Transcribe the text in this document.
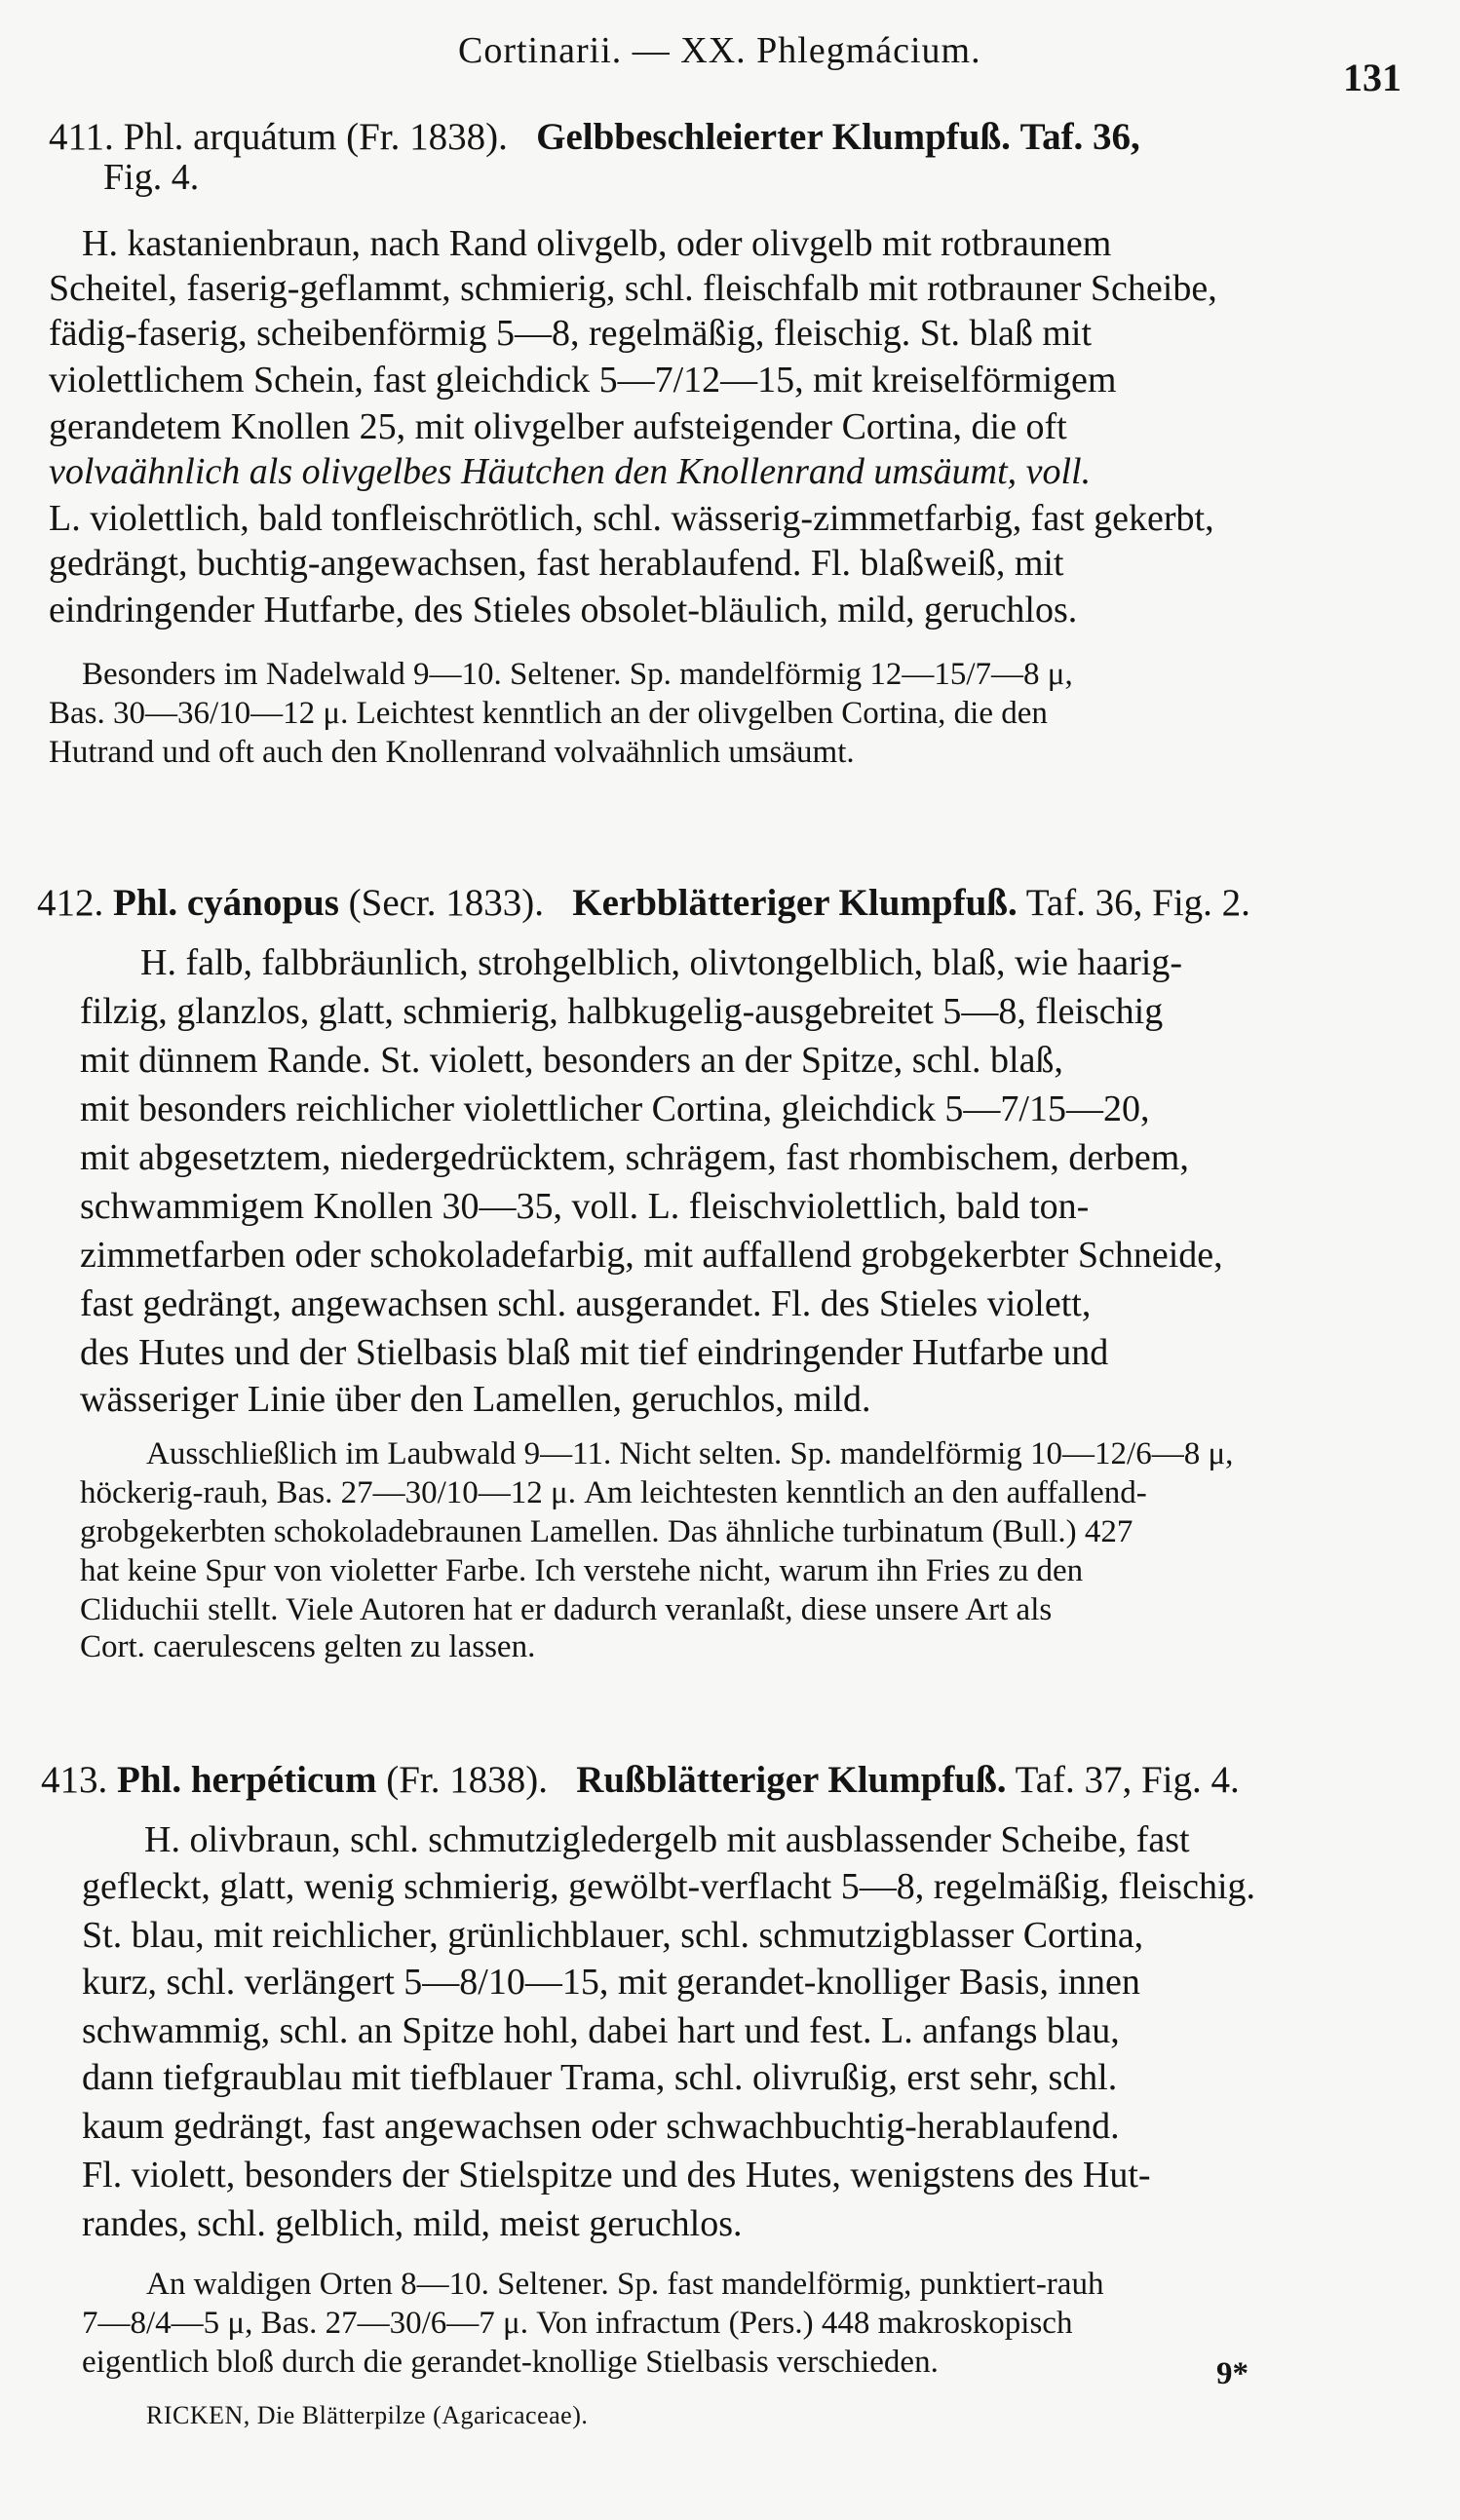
Cortinarii. — XX. Phlegmácium.
131
411. Phl. arquátum (Fr. 1838). Gelbbeschleierter Klumpfuß. Taf. 36,
Fig. 4.
H. kastanienbraun, nach Rand olivgelb, oder olivgelb mit rotbraunem
Scheitel, faserig-geflammt, schmierig, schl. fleischfalb mit rotbrauner Scheibe,
fädig-faserig, scheibenförmig 5—8, regelmäßig, fleischig. St. blaß mit
violettlichem Schein, fast gleichdick 5—7/12—15, mit kreiselförmigem
gerandetem Knollen 25, mit olivgelber aufsteigender Cortina, die oft
volvaähnlich als olivgelbes Häutchen den Knollenrand umsäumt, voll.
L. violettlich, bald tonfleischrötlich, schl. wässerig-zimmetfarbig, fast gekerbt,
gedrängt, buchtig-angewachsen, fast herablaufend. Fl. blaßweiß, mit
eindringender Hutfarbe, des Stieles obsolet-bläulich, mild, geruchlos.
Besonders im Nadelwald 9—10. Seltener. Sp. mandelförmig 12—15/7—8 μ,
Bas. 30—36/10—12 μ. Leichtest kenntlich an der olivgelben Cortina, die den
Hutrand und oft auch den Knollenrand volvaähnlich umsäumt.
412. Phl. cyánopus (Secr. 1833). Kerbblätteriger Klumpfuß. Taf. 36, Fig. 2.
H. falb, falbbräunlich, strohgelblich, olivtongelblich, blaß, wie haarig-
filzig, glanzlos, glatt, schmierig, halbkugelig-ausgebreitet 5—8, fleischig
mit dünnem Rande. St. violett, besonders an der Spitze, schl. blaß,
mit besonders reichlicher violettlicher Cortina, gleichdick 5—7/15—20,
mit abgesetztem, niedergedrücktem, schrägem, fast rhombischem, derbem,
schwammigem Knollen 30—35, voll. L. fleischviolettlich, bald ton-
zimmetfarben oder schokoladefarbig, mit auffallend grobgekerbter Schneide,
fast gedrängt, angewachsen schl. ausgerandet. Fl. des Stieles violett,
des Hutes und der Stielbasis blaß mit tief eindringender Hutfarbe und
wässeriger Linie über den Lamellen, geruchlos, mild.
Ausschließlich im Laubwald 9—11. Nicht selten. Sp. mandelförmig 10—12/6—8 μ,
höckerig-rauh, Bas. 27—30/10—12 μ. Am leichtesten kenntlich an den auffallend-
grobgekerbten schokoladebraunen Lamellen. Das ähnliche turbinatum (Bull.) 427
hat keine Spur von violetter Farbe. Ich verstehe nicht, warum ihn Fries zu den
Cliduchii stellt. Viele Autoren hat er dadurch veranlaßt, diese unsere Art als
Cort. caerulescens gelten zu lassen.
413. Phl. herpéticum (Fr. 1838). Rußblätteriger Klumpfuß. Taf. 37, Fig. 4.
H. olivbraun, schl. schmutzigledergelb mit ausblassender Scheibe, fast
gefleckt, glatt, wenig schmierig, gewölbt-verflacht 5—8, regelmäßig, fleischig.
St. blau, mit reichlicher, grünlichblauer, schl. schmutzigblasser Cortina,
kurz, schl. verlängert 5—8/10—15, mit gerandet-knolliger Basis, innen
schwammig, schl. an Spitze hohl, dabei hart und fest. L. anfangs blau,
dann tiefgraublau mit tiefblauer Trama, schl. olivrußig, erst sehr, schl.
kaum gedrängt, fast angewachsen oder schwachbuchtig-herablaufend.
Fl. violett, besonders der Stielspitze und des Hutes, wenigstens des Hut-
randes, schl. gelblich, mild, meist geruchlos.
An waldigen Orten 8—10. Seltener. Sp. fast mandelförmig, punktiert-rauh
7—8/4—5 μ, Bas. 27—30/6—7 μ. Von infractum (Pers.) 448 makroskopisch
eigentlich bloß durch die gerandet-knollige Stielbasis verschieden.	9*
RICKEN, Die Blätterpilze (Agaricaceae).
